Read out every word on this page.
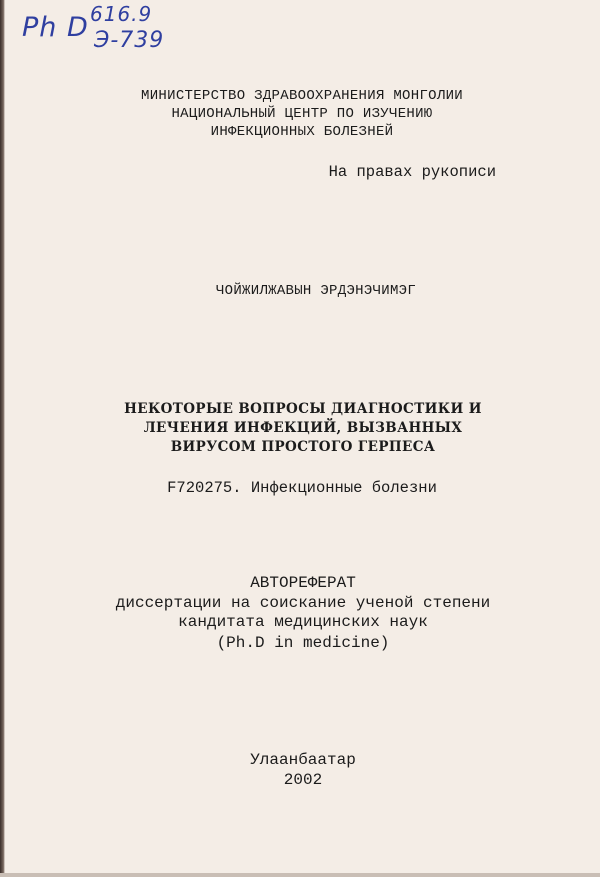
Ph D 616.9
Э-739
МИНИСТЕРСТВО ЗДРАВООХРАНЕНИЯ МОНГОЛИИ
НАЦИОНАЛЬНЫЙ ЦЕНТР ПО ИЗУЧЕНИЮ
ИНФЕКЦИОННЫХ БОЛЕЗНЕЙ
На правах рукописи
ЧОЙЖИЛЖАВЫН ЭРДЭНЭЧИМЭГ
НЕКОТОРЫЕ ВОПРОСЫ ДИАГНОСТИКИ И
ЛЕЧЕНИЯ ИНФЕКЦИЙ, ВЫЗВАННЫХ
ВИРУСОМ ПРОСТОГО ГЕРПЕСА
F720275. Инфекционные болезни
АВТОРЕФЕРАТ
диссертации на соискание ученой степени
кандитата медицинских наук
(Ph.D in medicine)
Улаанбаатар
2002
